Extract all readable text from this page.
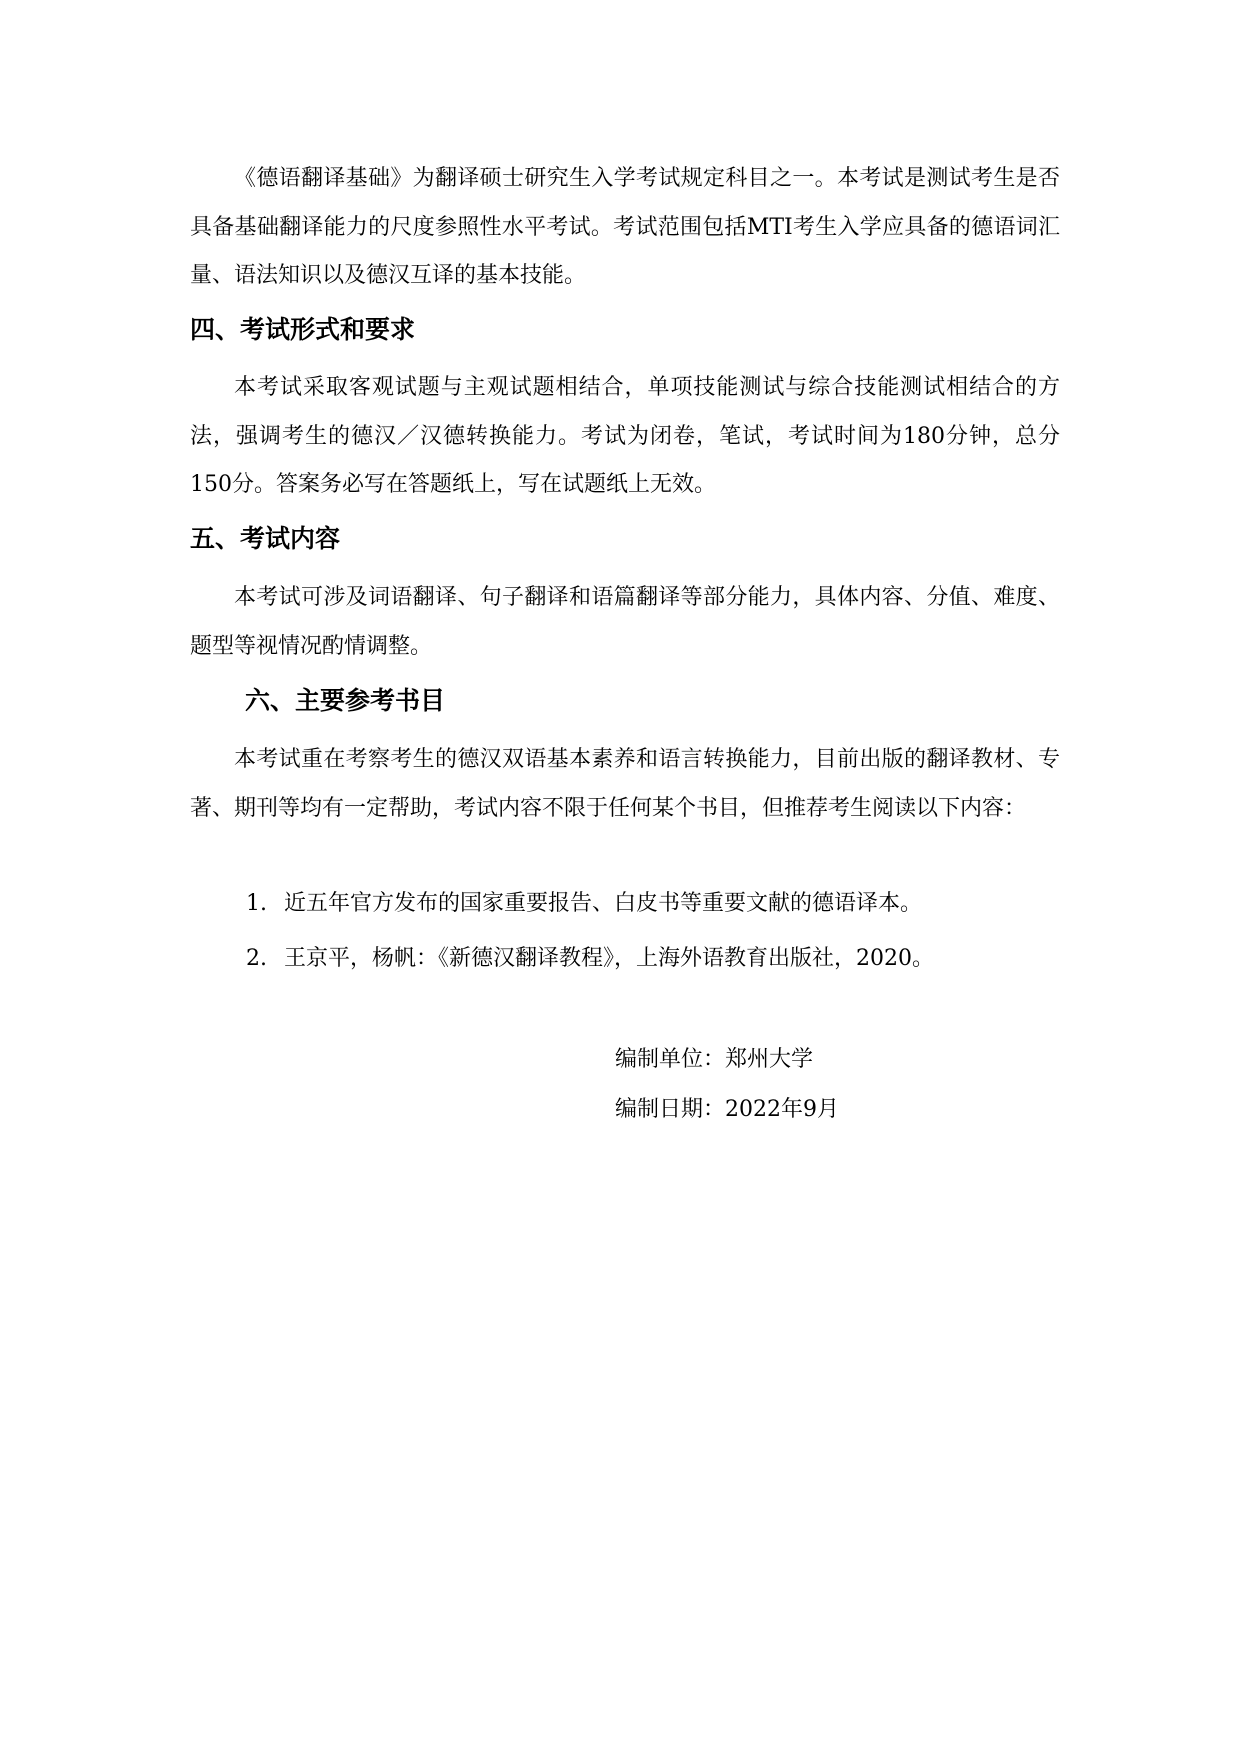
《德语翻译基础》为翻译硕士研究生入学考试规定科目之一。本考试是测试考生是否具备基础翻译能力的尺度参照性水平考试。考试范围包括MTI考生入学应具备的德语词汇量、语法知识以及德汉互译的基本技能。

四、考试形式和要求

本考试采取客观试题与主观试题相结合，单项技能测试与综合技能测试相结合的方法，强调考生的德汉／汉德转换能力。考试为闭卷，笔试，考试时间为180分钟，总分150分。答案务必写在答题纸上，写在试题纸上无效。

五、考试内容

本考试可涉及词语翻译、句子翻译和语篇翻译等部分能力，具体内容、分值、难度、题型等视情况酌情调整。

六、主要参考书目

本考试重在考察考生的德汉双语基本素养和语言转换能力，目前出版的翻译教材、专著、期刊等均有一定帮助，考试内容不限于任何某个书目，但推荐考生阅读以下内容：

1. 近五年官方发布的国家重要报告、白皮书等重要文献的德语译本。
2. 王京平，杨帆：《新德汉翻译教程》，上海外语教育出版社，2020。
编制单位：郑州大学
编制日期：2022年9月
